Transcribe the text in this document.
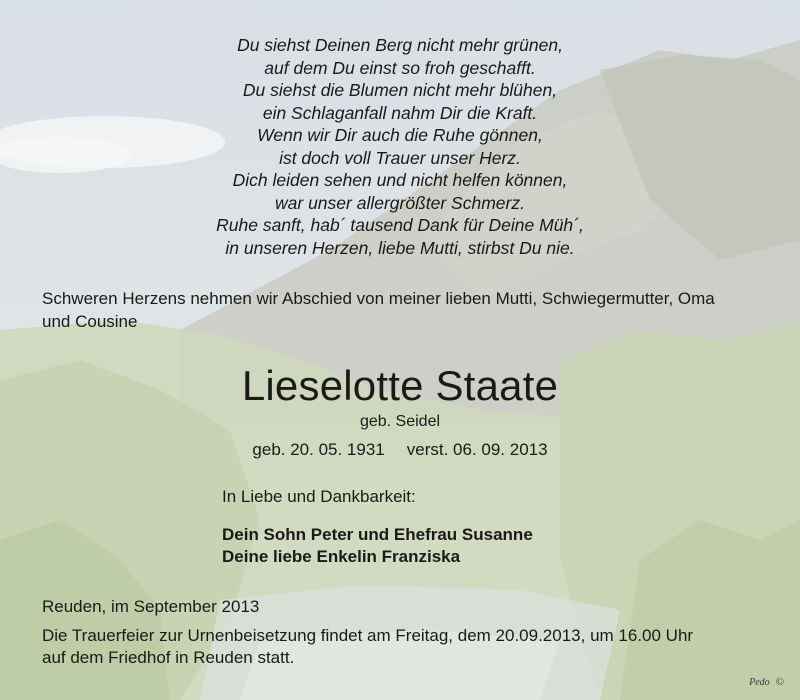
Du siehst Deinen Berg nicht mehr grünen,
auf dem Du einst so froh geschafft.
Du siehst die Blumen nicht mehr blühen,
ein Schlaganfall nahm Dir die Kraft.
Wenn wir Dir auch die Ruhe gönnen,
ist doch voll Trauer unser Herz.
Dich leiden sehen und nicht helfen können,
war unser allergrößter Schmerz.
Ruhe sanft, hab´ tausend Dank für Deine Müh´,
in unseren Herzen, liebe Mutti, stirbst Du nie.
Schweren Herzens nehmen wir Abschied von meiner lieben Mutti, Schwiegermutter, Oma
und Cousine
Lieselotte Staate
geb. Seidel
geb. 20. 05. 1931 verst. 06. 09. 2013
In Liebe und Dankbarkeit:
Dein Sohn Peter und Ehefrau Susanne
Deine liebe Enkelin Franziska
Reuden, im September 2013
Die Trauerfeier zur Urnenbeisetzung findet am Freitag, dem 20.09.2013, um 16.00 Uhr
auf dem Friedhof in Reuden statt.
Pedo ©
